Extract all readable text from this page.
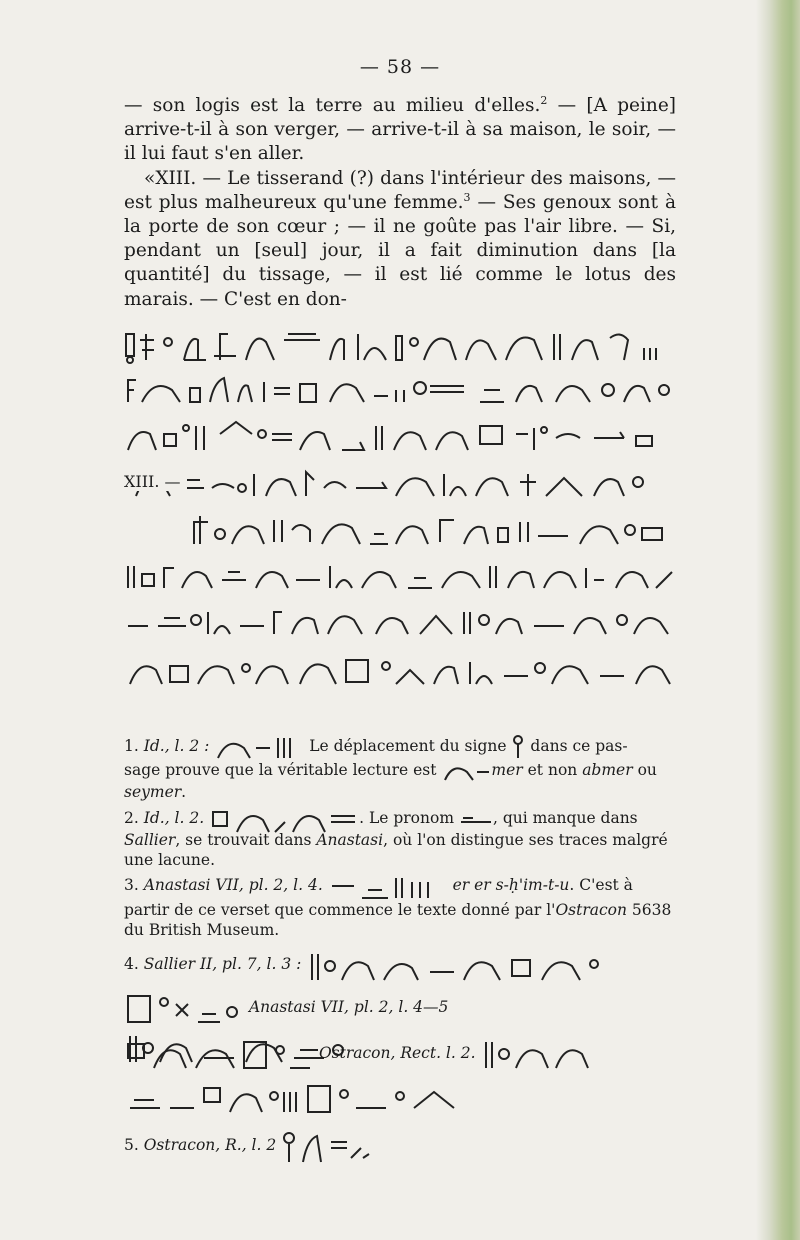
— 58 —

— son logis est la terre au milieu d'elles.$^2$ — [A peine] arrive-t-il à son verger, — arrive-t-il à sa maison, le soir, — il lui faut s'en aller.

«XIII. — Le tisserand (?) dans l'intérieur des maisons, — est plus malheureux qu'une femme.$^3$ — Ses genoux sont à la porte de son cœur ; — il ne goûte pas l'air libre. — Si, pendant un [seul] jour, il a fait diminution dans [la quantité] du tissage, — il est lié comme le lotus des marais. — C'est en don-

XIII. —
1. Id., l. 2 :	Le déplacement du signe dans ce pas-
sage prouve que la véritable lecture est	mer et non abmer ou seymer.
2. Id., l. 2.	. Le pronom	, qui manque dans
Sallier, se trouvait dans Anastasi, où l'on distingue ses traces malgré une lacune.
3. Anastasi VII, pl. 2, l. 4.	er er s-ḥ'im-t-u. C'est à
partir de ce verset que commence le texte donné par l'Ostracon 5638 du British Museum.
4. Sallier II, pl. 7, l. 3 :
Anastasi VII, pl. 2, l. 4—5
Ostracon, Rect. l. 2.
5. Ostracon, R., l. 2
